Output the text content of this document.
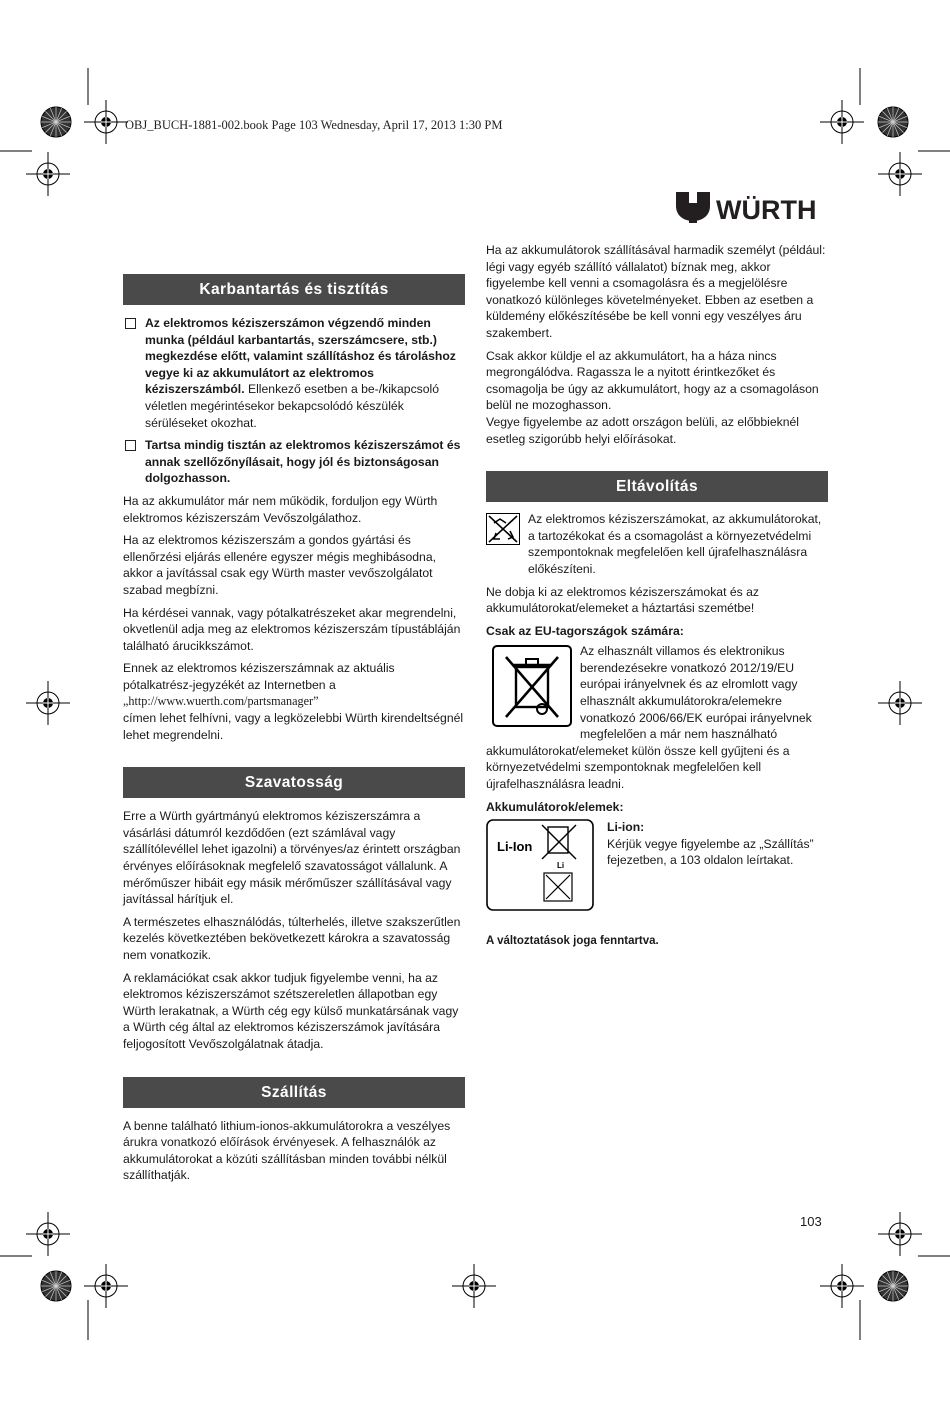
OBJ_BUCH-1881-002.book Page 103 Wednesday, April 17, 2013 1:30 PM
WÜRTH
Karbantartás és tisztítás
Az elektromos kéziszerszámon végzendő minden munka (például karbantartás, szerszámcsere, stb.) megkezdése előtt, valamint szállításhoz és tároláshoz vegye ki az akkumulátort az elektromos kéziszerszámból. Ellenkező esetben a be-/kikapcsoló véletlen megérintésekor bekapcsolódó készülék sérüléseket okozhat.
Tartsa mindig tisztán az elektromos kéziszerszámot és annak szellőzőnyílásait, hogy jól és biztonságosan dolgozhasson.

Ha az akkumulátor már nem működik, forduljon egy Würth elektromos kéziszerszám Vevőszolgálathoz.

Ha az elektromos kéziszerszám a gondos gyártási és ellenőrzési eljárás ellenére egyszer mégis meghibásodna, akkor a javítással csak egy Würth master vevőszolgálatot szabad megbízni.

Ha kérdései vannak, vagy pótalkatrészeket akar megrendelni, okvetlenül adja meg az elektromos kéziszerszám típustábláján található árucikkszámot.

Ennek az elektromos kéziszerszámnak az aktuális pótalkatrész-jegyzékét az Internetben a
„http://www.wuerth.com/partsmanager”
címen lehet felhívni, vagy a legközelebbi Würth kirendeltségnél lehet megrendelni.

Szavatosság

Erre a Würth gyártmányú elektromos kéziszerszámra a vásárlási dátumról kezdődően (ezt számlával vagy szállítólevéllel lehet igazolni) a törvényes/az érintett országban érvényes előírásoknak megfelelő szavatosságot vállalunk. A mérőműszer hibáit egy másik mérőműszer szállításával vagy javítással hárítjuk el.

A természetes elhasználódás, túlterhelés, illetve szakszerűtlen kezelés következtében bekövetkezett károkra a szavatosság nem vonatkozik.

A reklamációkat csak akkor tudjuk figyelembe venni, ha az elektromos kéziszerszámot szétszereletlen állapotban egy Würth lerakatnak, a Würth cég egy külső munkatársának vagy a Würth cég által az elektromos kéziszerszámok javítására feljogosított Vevőszolgálatnak átadja.

Szállítás

A benne található lithium-ionos-akkumulátorokra a veszélyes árukra vonatkozó előírások érvényesek. A felhasználók az akkumulátorokat a közúti szállításban minden további nélkül szállíthatják.

Ha az akkumulátorok szállításával harmadik személyt (például: légi vagy egyéb szállító vállalatot) bíznak meg, akkor figyelembe kell venni a csomagolásra és a megjelölésre vonatkozó különleges követelményeket. Ebben az esetben a küldemény előkészítésébe be kell vonni egy veszélyes áru szakembert.

Csak akkor küldje el az akkumulátort, ha a háza nincs megrongálódva. Ragassza le a nyitott érintkezőket és csomagolja be úgy az akkumulátort, hogy az a csomagoláson belül ne mozoghasson.

Vegye figyelembe az adott országon belüli, az előbbieknél esetleg szigorúbb helyi előírásokat.

Eltávolítás
Az elektromos kéziszerszámokat, az akkumulátorokat, a tartozékokat és a csomagolást a környezetvédelmi szempontoknak megfelelően kell újrafelhasználásra előkészíteni.

Ne dobja ki az elektromos kéziszerszámokat és az akkumulátorokat/elemeket a háztartási szemétbe!

Csak az EU-tagországok számára:
Az elhasznált villamos és elektronikus berendezésekre vonatkozó 2012/19/EU európai irányelvnek és az elromlott vagy elhasznált akkumulátorokra/elemekre vonatkozó 2006/66/EK európai irányelvnek megfelelően a már nem használható akkumulátorokat/elemeket külön össze kell gyűjteni és a környezetvédelmi szempontoknak megfelelően kell újrafelhasználásra leadni.
Akkumulátorok/elemek:
Li-Ion
Li
Li-ion:
Kérjük vegye figyelembe az „Szállítás” fejezetben, a 103 oldalon leírtakat.
A változtatások joga fenntartva.
103
